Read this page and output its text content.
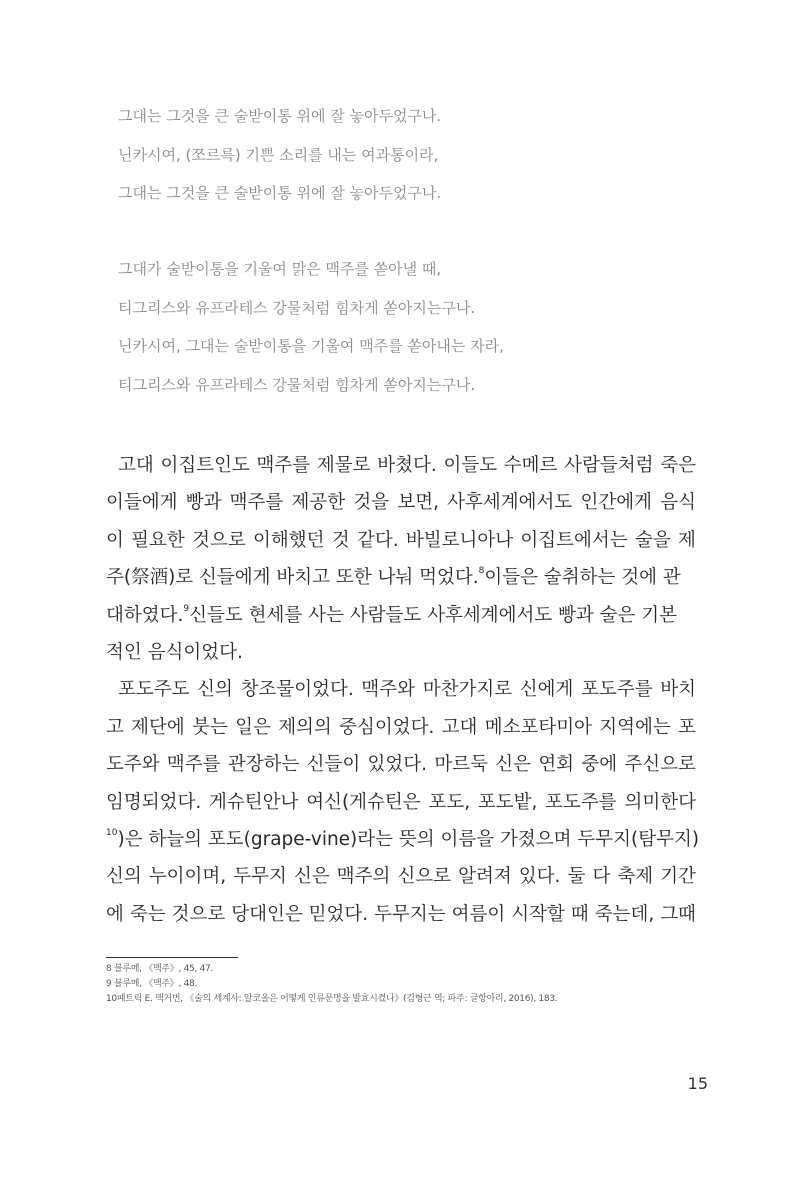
그대는 그것을 큰 술받이통 위에 잘 놓아두었구나.
닌카시여, (쪼르륵) 기쁜 소리를 내는 여과통이라,
그대는 그것을 큰 술받이통 위에 잘 놓아두었구나.
그대가 술받이통을 기울여 맑은 맥주를 쏟아낼 때,
티그리스와 유프라테스 강물처럼 힘차게 쏟아지는구나.
닌카시여, 그대는 술받이통을 기울여 맥주를 쏟아내는 자라,
티그리스와 유프라테스 강물처럼 힘차게 쏟아지는구나.
고대 이집트인도 맥주를 제물로 바쳤다. 이들도 수메르 사람들처럼 죽은
이들에게 빵과 맥주를 제공한 것을 보면, 사후세계에서도 인간에게 음식
이 필요한 것으로 이해했던 것 같다. 바빌로니아나 이집트에서는 술을 제
주(祭酒)로 신들에게 바치고 또한 나눠 먹었다.$^8$ 이들은 술취하는 것에 관
대하였다.$^9$ 신들도 현세를 사는 사람들도 사후세계에서도 빵과 술은 기본
적인 음식이었다.
포도주도 신의 창조물이었다. 맥주와 마찬가지로 신에게 포도주를 바치
고 제단에 붓는 일은 제의의 중심이었다. 고대 메소포타미아 지역에는 포
도주와 맥주를 관장하는 신들이 있었다. 마르둑 신은 연회 중에 주신으로
임명되었다. 게슈틴안나 여신(게슈틴은 포도, 포도밭, 포도주를 의미한다
$^{10}$ )은 하늘의 포도(grape-vine)라는 뜻의 이름을 가졌으며 두무지(탐무지)
신의 누이이며, 두무지 신은 맥주의 신으로 알려져 있다. 둘 다 축제 기간
에 죽는 것으로 당대인은 믿었다. 두무지는 여름이 시작할 때 죽는데, 그때
8 블루메, 《맥주》, 45, 47.
9 블루메, 《맥주》, 48.
10패트릭 E. 맥거번, 《술의 세계사: 알코올은 어떻게 인류문명을 발효시켰나》(김형근 역; 파주: 글항아리, 2016), 183.
15
